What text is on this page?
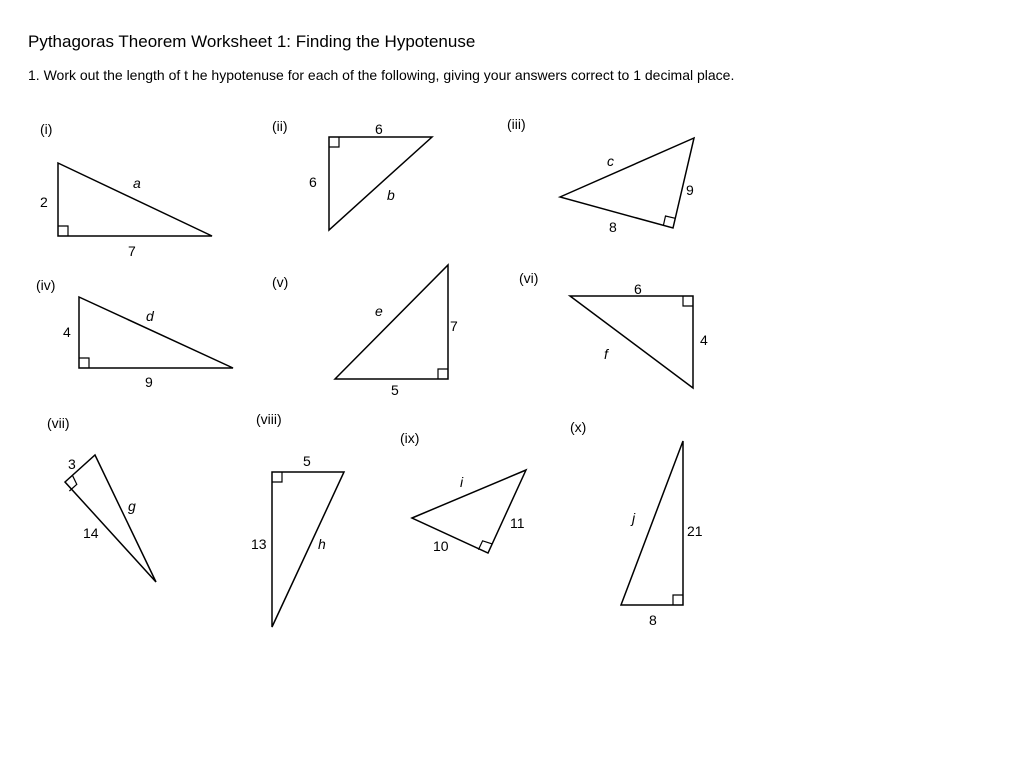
Pythagoras Theorem Worksheet 1: Finding the Hypotenuse
1. Work out the length of t he hypotenuse for each of the following, giving your answers correct to 1 decimal place.
(i)
2
7
a
(ii)	6
6
b
(iii)
9
8
c
(iv)
4
9
d
(v)
7
5
e
(vi)
6
4
f
(vii)
3
14
g
(viii)
5
13	h
(ix)
11
10
i
(x)
21
8
j
